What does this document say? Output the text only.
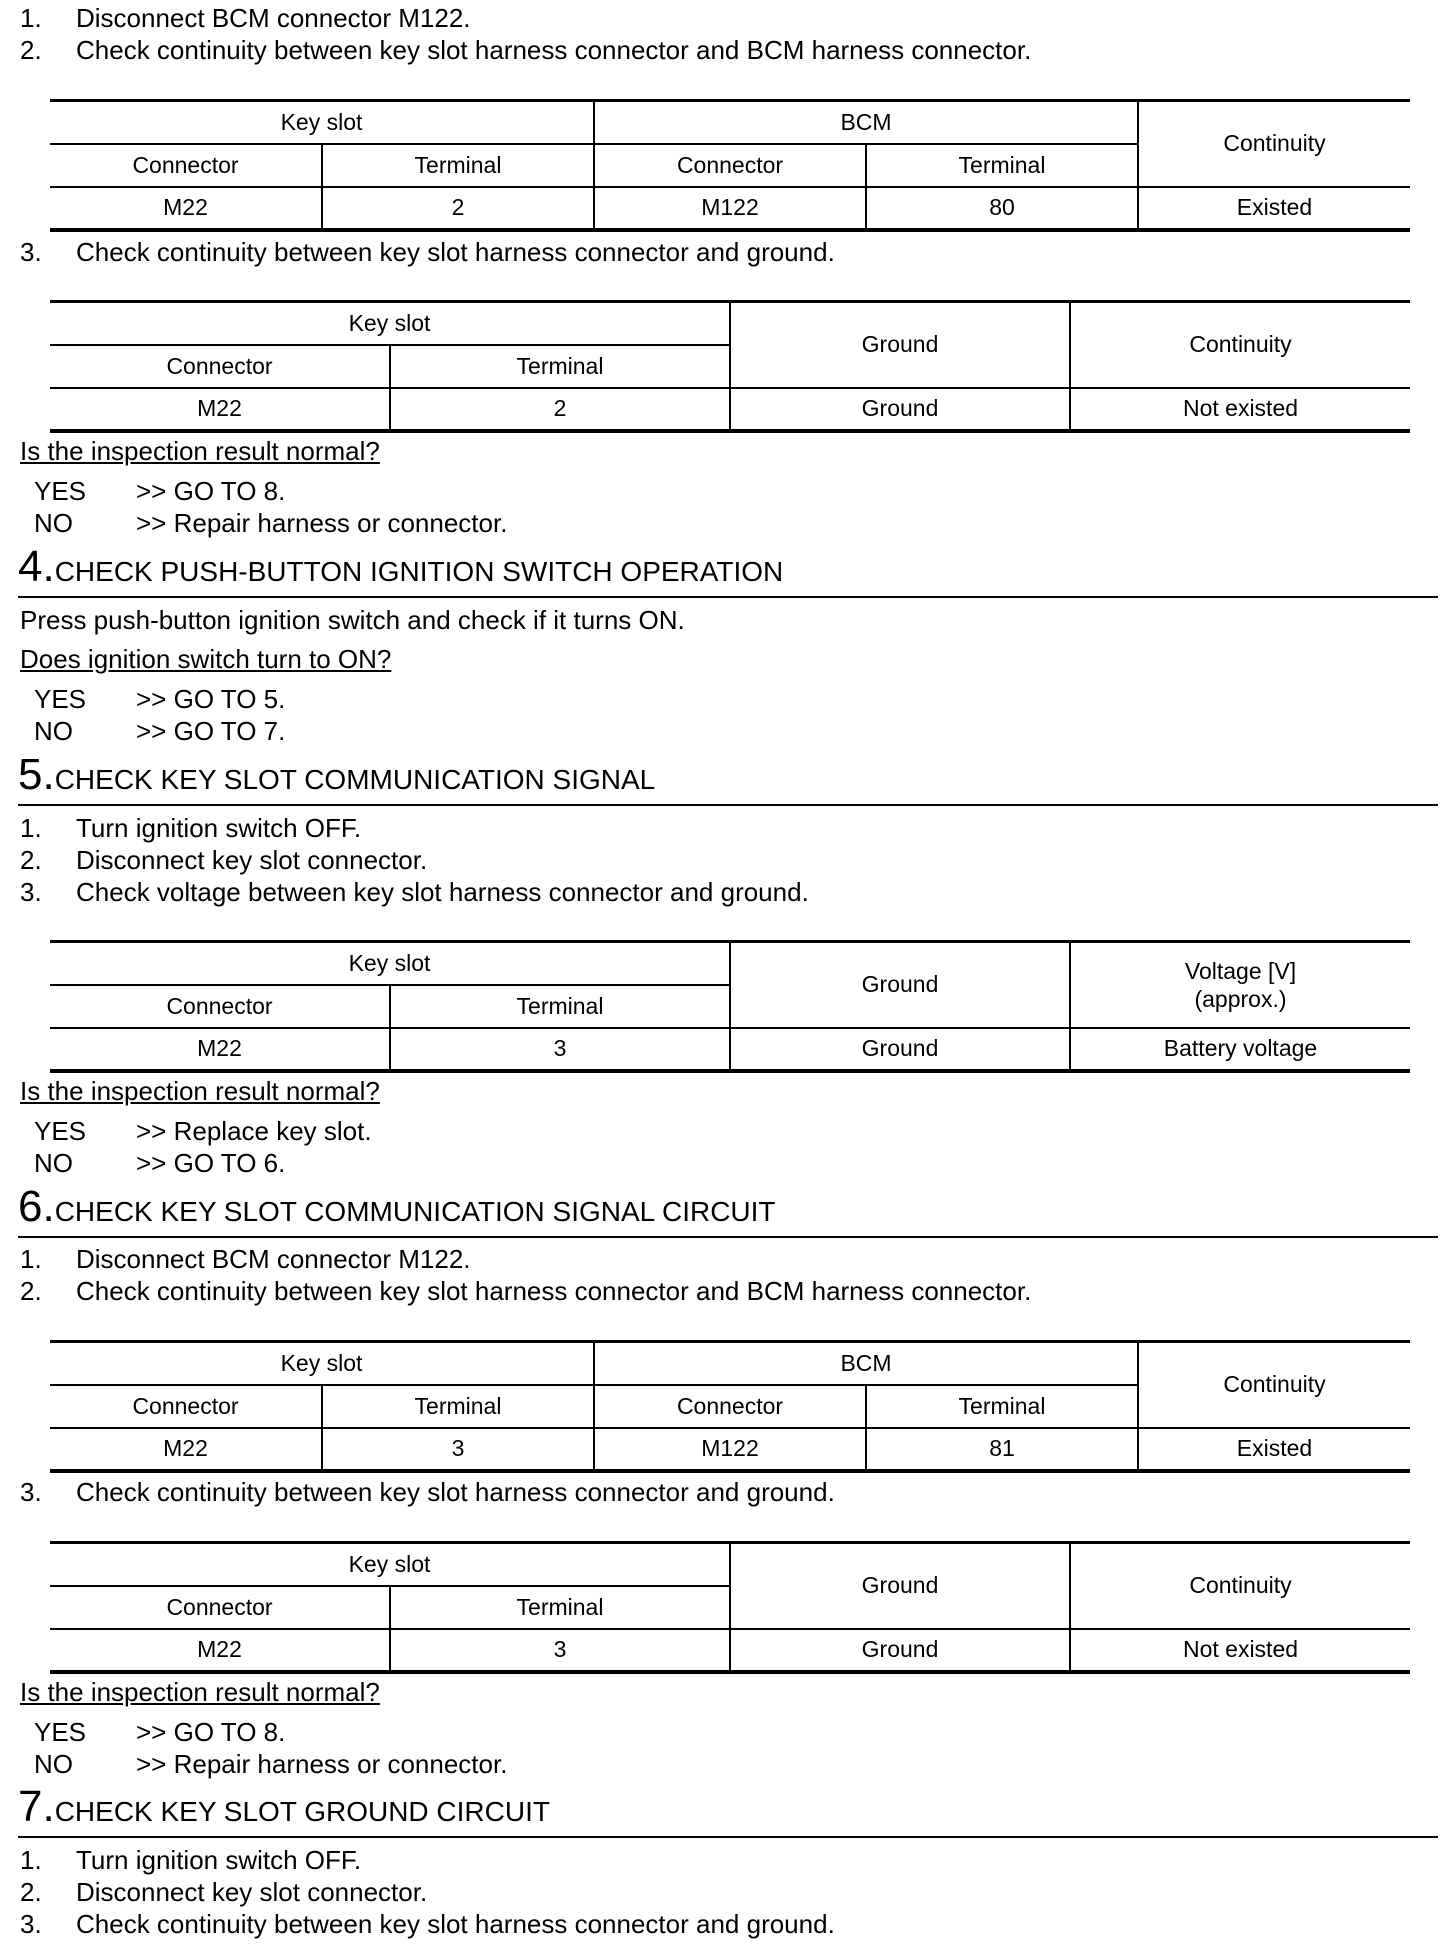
1. Disconnect BCM connector M122.
2. Check continuity between key slot harness connector and BCM harness connector.
Key slot		BCM		Continuity
Connector	Terminal	Connector	Terminal	
M22	2	M122	80	Existed
3. Check continuity between key slot harness connector and ground.
Key slot		Ground	Continuity
Connector	Terminal		
M22	2	Ground	Not existed
Is the inspection result normal?
YES >> GO TO 8.
NO >> Repair harness or connector.
4.CHECK PUSH-BUTTON IGNITION SWITCH OPERATION
Press push-button ignition switch and check if it turns ON.
Does ignition switch turn to ON?
YES >> GO TO 5.
NO >> GO TO 7.
5.CHECK KEY SLOT COMMUNICATION SIGNAL
1. Turn ignition switch OFF.
2. Disconnect key slot connector.
3. Check voltage between key slot harness connector and ground.
Key slot		Ground	Voltage [V]
(approx.)

Connector	Terminal		
M22	3	Ground	Battery voltage
Is the inspection result normal?
YES >> Replace key slot.
NO >> GO TO 6.
6.CHECK KEY SLOT COMMUNICATION SIGNAL CIRCUIT
1. Disconnect BCM connector M122.
2. Check continuity between key slot harness connector and BCM harness connector.
Key slot		BCM		Continuity
Connector	Terminal	Connector	Terminal	
M22	3	M122	81	Existed
3. Check continuity between key slot harness connector and ground.
Key slot		Ground	Continuity
Connector	Terminal		
M22	3	Ground	Not existed
Is the inspection result normal?
YES >> GO TO 8.
NO >> Repair harness or connector.
7.CHECK KEY SLOT GROUND CIRCUIT
1. Turn ignition switch OFF.
2. Disconnect key slot connector.
3. Check continuity between key slot harness connector and ground.
